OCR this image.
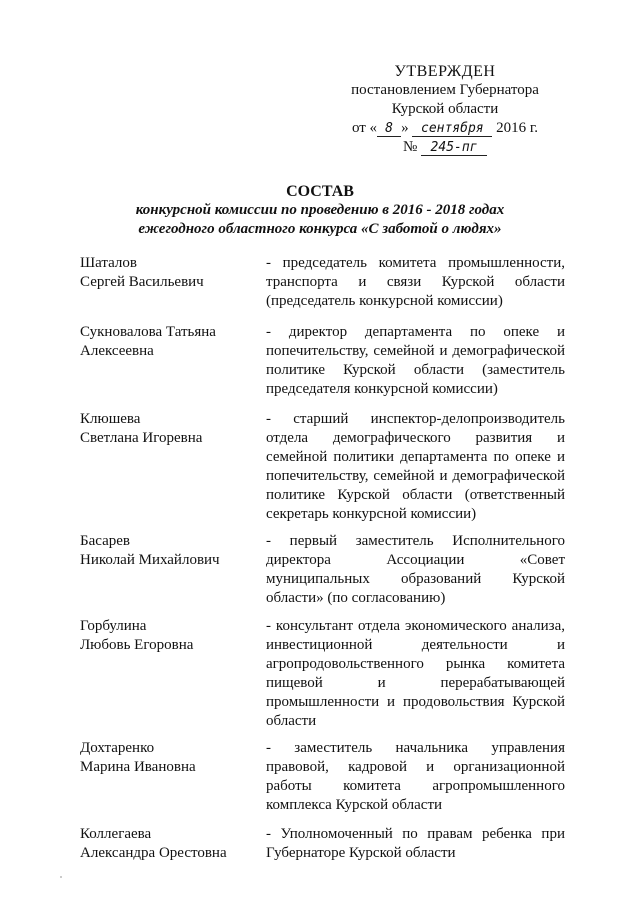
УТВЕРЖДЕН
постановлением Губернатора
Курской области
от « 8 » сентября 2016 г.
№ 245-пг
СОСТАВ
конкурсной комиссии по проведению в 2016 - 2018 годах
ежегодного областного конкурса «С заботой о людях»
Шаталов
Сергей Васильевич
- председатель комитета промышленности, транспорта и связи Курской области (председатель конкурсной комиссии)
Сукновалова Татьяна
Алексеевна
- директор департамента по опеке и попечительству, семейной и демографической политике Курской области (заместитель председателя конкурсной комиссии)
Клюшева
Светлана Игоревна
- старший инспектор-делопроизводитель отдела демографического развития и семейной политики департамента по опеке и попечительству, семейной и демографической политике Курской области (ответственный секретарь конкурсной комиссии)
Басарев
Николай Михайлович
- первый заместитель Исполнительного директора Ассоциации «Совет муниципальных образований Курской области» (по согласованию)
Горбулина
Любовь Егоровна
- консультант отдела экономического анализа, инвестиционной деятельности и агропродовольственного рынка комитета пищевой и перерабатывающей промышленности и продовольствия Курской области
Дохтаренко
Марина Ивановна
- заместитель начальника управления правовой, кадровой и организационной работы комитета агропромышленного комплекса Курской области
Коллегаева
Александра Орестовна
- Уполномоченный по правам ребенка при Губернаторе Курской области
